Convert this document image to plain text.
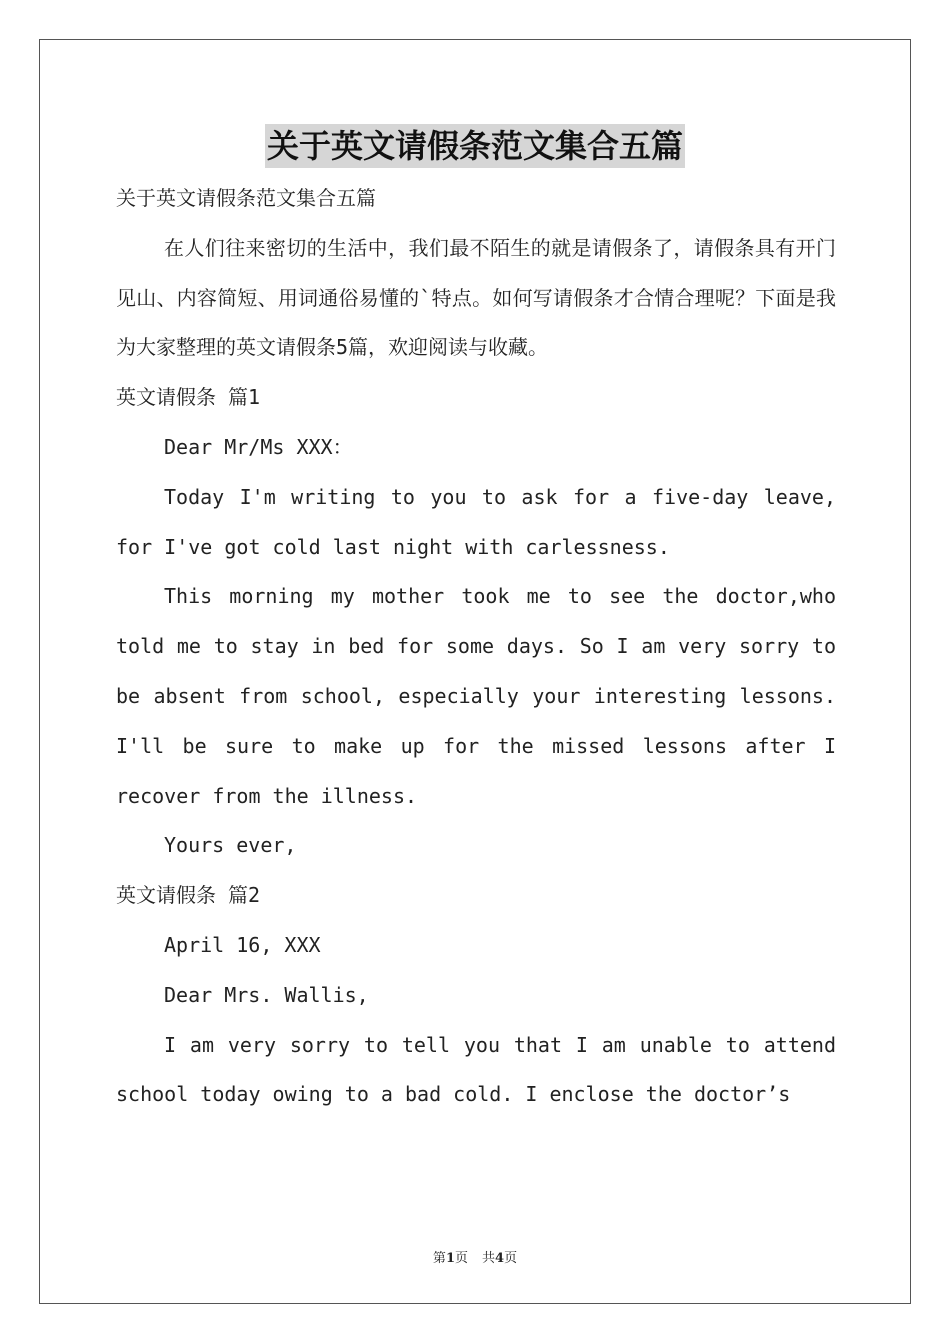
关于英文请假条范文集合五篇

关于英文请假条范文集合五篇

在人们往来密切的生活中，我们最不陌生的就是请假条了，请假条具有开门见山、内容简短、用词通俗易懂的`特点。如何写请假条才合情合理呢？下面是我为大家整理的英文请假条5篇，欢迎阅读与收藏。

英文请假条 篇1

Dear Mr/Ms XXX：

Today I'm writing to you to ask for a five-day leave, for I've got cold last night with carlessness.

This morning my mother took me to see the doctor,who told me to stay in bed for some days. So I am very sorry to be absent from school, especially your interesting lessons. I'll be sure to make up for the missed lessons after I recover from the illness.

Yours ever,

英文请假条 篇2

April 16, XXX

Dear Mrs. Wallis,

I am very sorry to tell you that I am unable to attend school today owing to a bad cold. I enclose the doctor’s

第1页 共4页
